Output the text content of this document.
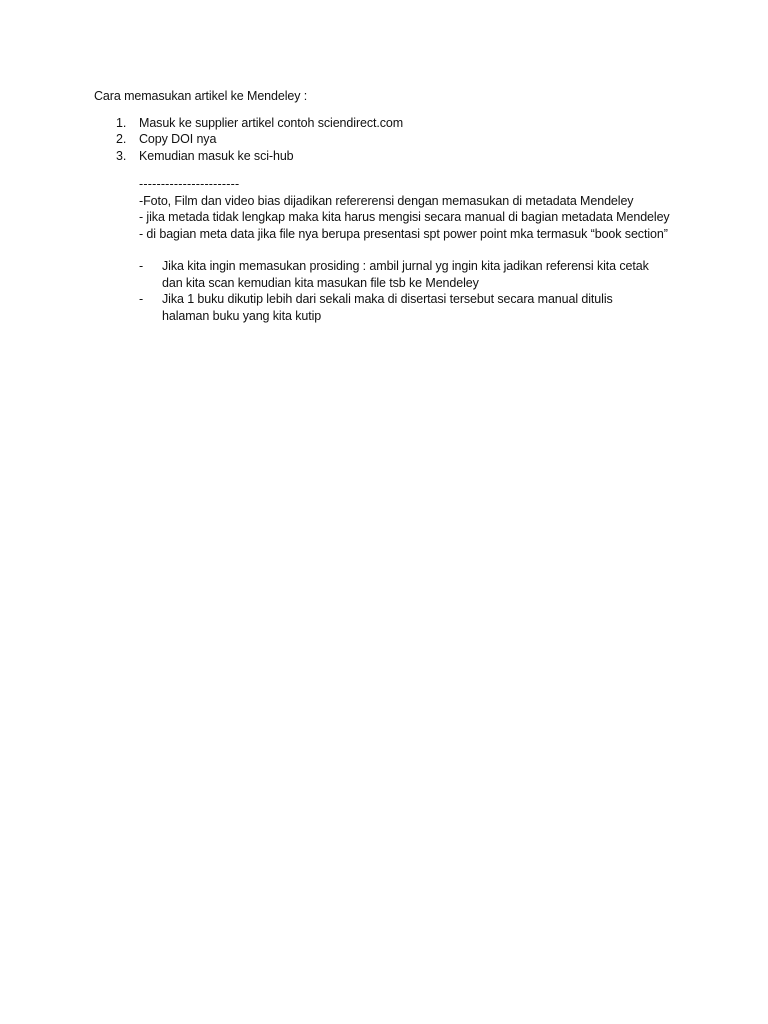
Cara memasukan artikel ke Mendeley :
1. Masuk ke supplier artikel contoh sciendirect.com
2. Copy DOI nya
3. Kemudian masuk ke sci-hub

-----------------------

-Foto, Film dan video bias dijadikan refererensi dengan memasukan di metadata Mendeley

- jika metada tidak lengkap maka kita harus mengisi secara manual di bagian metadata Mendeley

- di bagian meta data jika file nya berupa presentasi spt power point mka termasuk “book section”

- Jika kita ingin memasukan prosiding : ambil jurnal yg ingin kita jadikan referensi kita cetak dan kita scan kemudian kita masukan file tsb ke Mendeley
- Jika 1 buku dikutip lebih dari sekali maka di disertasi tersebut secara manual ditulis halaman buku yang kita kutip
